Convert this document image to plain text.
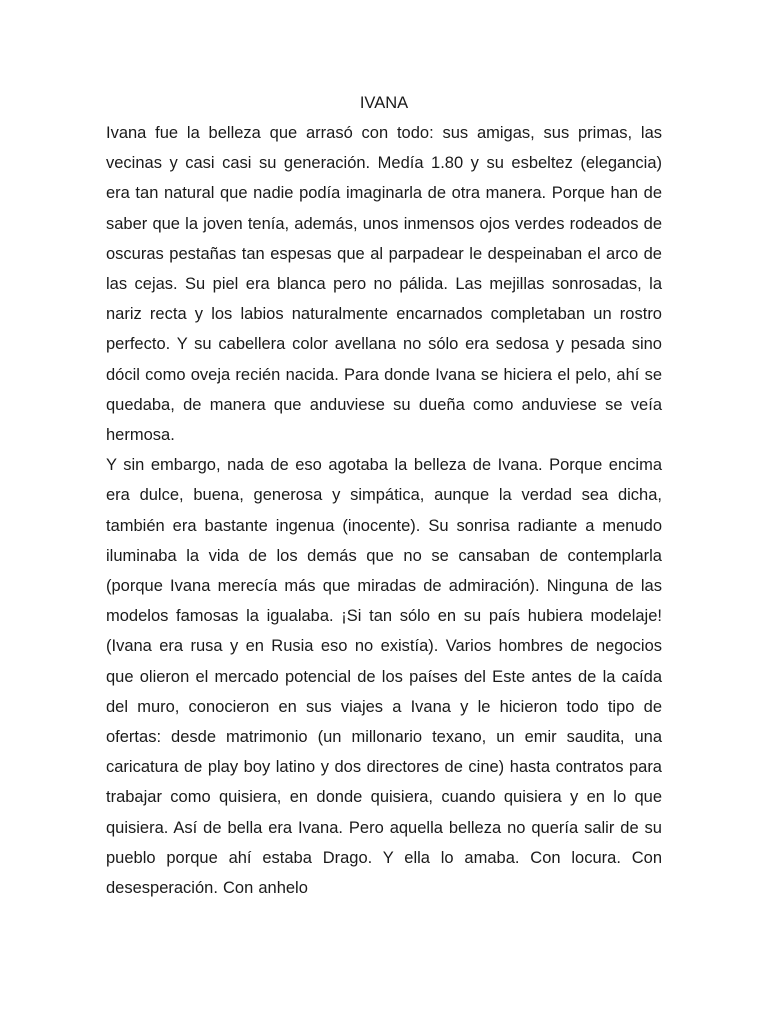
IVANA

Ivana fue la belleza que arrasó con todo: sus amigas, sus primas, las vecinas y casi casi su generación. Medía 1.80 y su esbeltez (elegancia) era tan natural que nadie podía imaginarla de otra manera. Porque han de saber que la joven tenía, además, unos inmensos ojos verdes rodeados de oscuras pestañas tan espesas que al parpadear le despeinaban el arco de las cejas. Su piel era blanca pero no pálida. Las mejillas sonrosadas, la nariz recta y los labios naturalmente encarnados completaban un rostro perfecto. Y su cabellera color avellana no sólo era sedosa y pesada sino dócil como oveja recién nacida. Para donde Ivana se hiciera el pelo, ahí se quedaba, de manera que anduviese su dueña como anduviese se veía hermosa.

Y sin embargo, nada de eso agotaba la belleza de Ivana. Porque encima era dulce, buena, generosa y simpática, aunque la verdad sea dicha, también era bastante ingenua (inocente). Su sonrisa radiante a menudo iluminaba la vida de los demás que no se cansaban de contemplarla (porque Ivana merecía más que miradas de admiración). Ninguna de las modelos famosas la igualaba. ¡Si tan sólo en su país hubiera modelaje! (Ivana era rusa y en Rusia eso no existía). Varios hombres de negocios que olieron el mercado potencial de los países del Este antes de la caída del muro, conocieron en sus viajes a Ivana y le hicieron todo tipo de ofertas: desde matrimonio (un millonario texano, un emir saudita, una caricatura de play boy latino y dos directores de cine) hasta contratos para trabajar como quisiera, en donde quisiera, cuando quisiera y en lo que quisiera. Así de bella era Ivana. Pero aquella belleza no quería salir de su pueblo porque ahí estaba Drago. Y ella lo amaba. Con locura. Con desesperación. Con anhelo
